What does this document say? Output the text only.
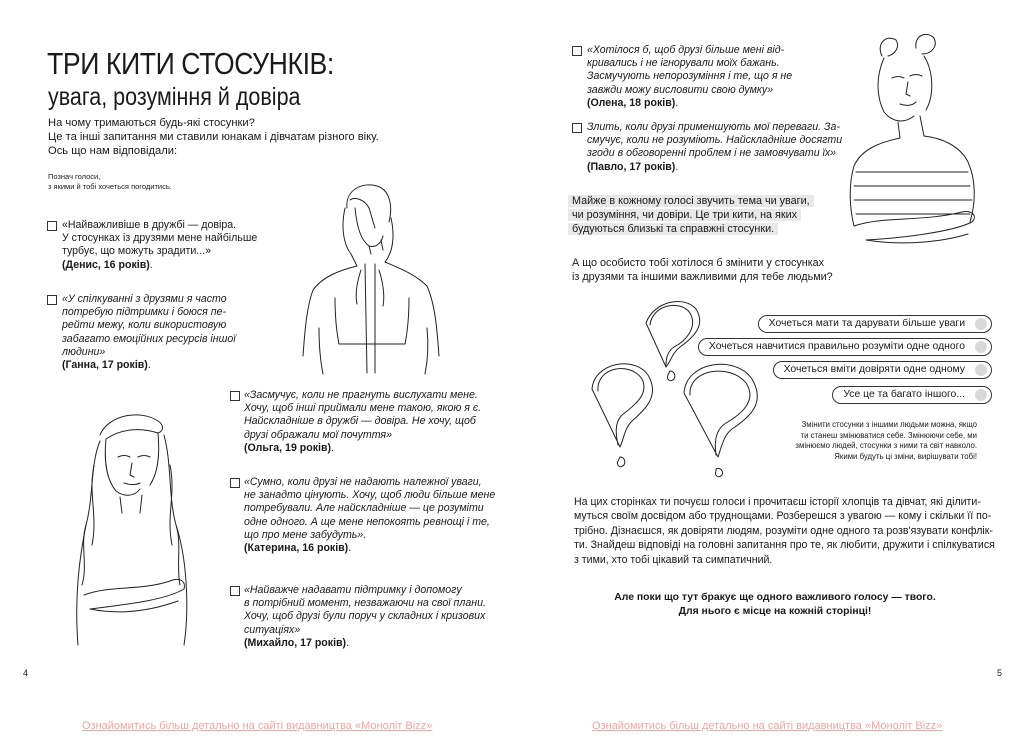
ТРИ КИТИ СТОСУНКІВ:
увага, розуміння й довіра
На чому тримаються будь-які стосунки?
Це та інші запитання ми ставили юнакам і дівчатам різного віку.
Ось що нам відповідали:
Познач голоси,
з якими й тобі хочеться погодитись.
«Найважливіше в дружбі — довіра.
У стосунках із друзями мене найбільше
турбує, що можуть зрадити...»
(Денис, 16 років).
«У спілкуванні з друзями я часто
потребую підтримки і боюся пе-
рейти межу, коли використовую
забагато емоційних ресурсів іншої
людини»
(Ганна, 17 років).
«Засмучує, коли не прагнуть вислухати мене.
Хочу, щоб інші приймали мене такою, якою я є.
Найскладніше в дружбі — довіра. Не хочу, щоб
друзі ображали мої почуття»
(Ольга, 19 років).
«Сумно, коли друзі не надають належної уваги,
не занадто цінують. Хочу, щоб люди більше мене
потребували. Але найскладніше — це розуміти
одне одного. А ще мене непокоять ревнощі і те,
що про мене забудуть».
(Катерина, 16 років).
«Найважче надавати підтримку і допомогу
в потрібний момент, незважаючи на свої плани.
Хочу, щоб друзі були поруч у складних і кризових
ситуаціях»
(Михайло, 17 років).
4
Ознайомитись більш детально на сайті видавництва «Моноліт Bizz»
«Хотілося б, щоб друзі більше мені від-
кривались і не ігнорували моїх бажань.
Засмучують непорозуміння і те, що я не
завжди можу висловити свою думку»
(Олена, 18 років).
Злить, коли друзі применшують мої переваги. За-
смучує, коли не розуміють. Найскладніше досягти
згоди в обговоренні проблем і не замовчувати їх»
(Павло, 17 років).
Майже в кожному голосі звучить тема чи уваги,
чи розуміння, чи довіри. Це три кити, на яких
будуються близькі та справжні стосунки.
А що особисто тобі хотілося б змінити у стосунках
із друзями та іншими важливими для тебе людьми?
Хочеться мати та дарувати більше уваги
Хочеться навчитися правильно розуміти одне одного
Хочеться вміти довіряти одне одному
Усе це та багато іншого...
Змінити стосунки з іншими людьми можна, якщо
ти станеш змінюватися себе. Змінюючи себе, ми
змінюємо людей, стосунки з ними та світ навколо.
Якими будуть ці зміни, вирішувати тобі!
На цих сторінках ти почуєш голоси і прочитаєш історії хлопців та дівчат, які ділити-
муться своїм досвідом або труднощами. Розберешся з увагою — кому і скільки її по-
трібно. Дізнаєшся, як довіряти людям, розуміти одне одного та розв'язувати конфлік-
ти. Знайдеш відповіді на головні запитання про те, як любити, дружити і спілкуватися
з тими, хто тобі цікавий та симпатичний.
Але поки що тут бракує ще одного важливого голосу — твого.
Для нього є місце на кожній сторінці!
5
Ознайомитись більш детально на сайті видавництва «Моноліт Bizz»
